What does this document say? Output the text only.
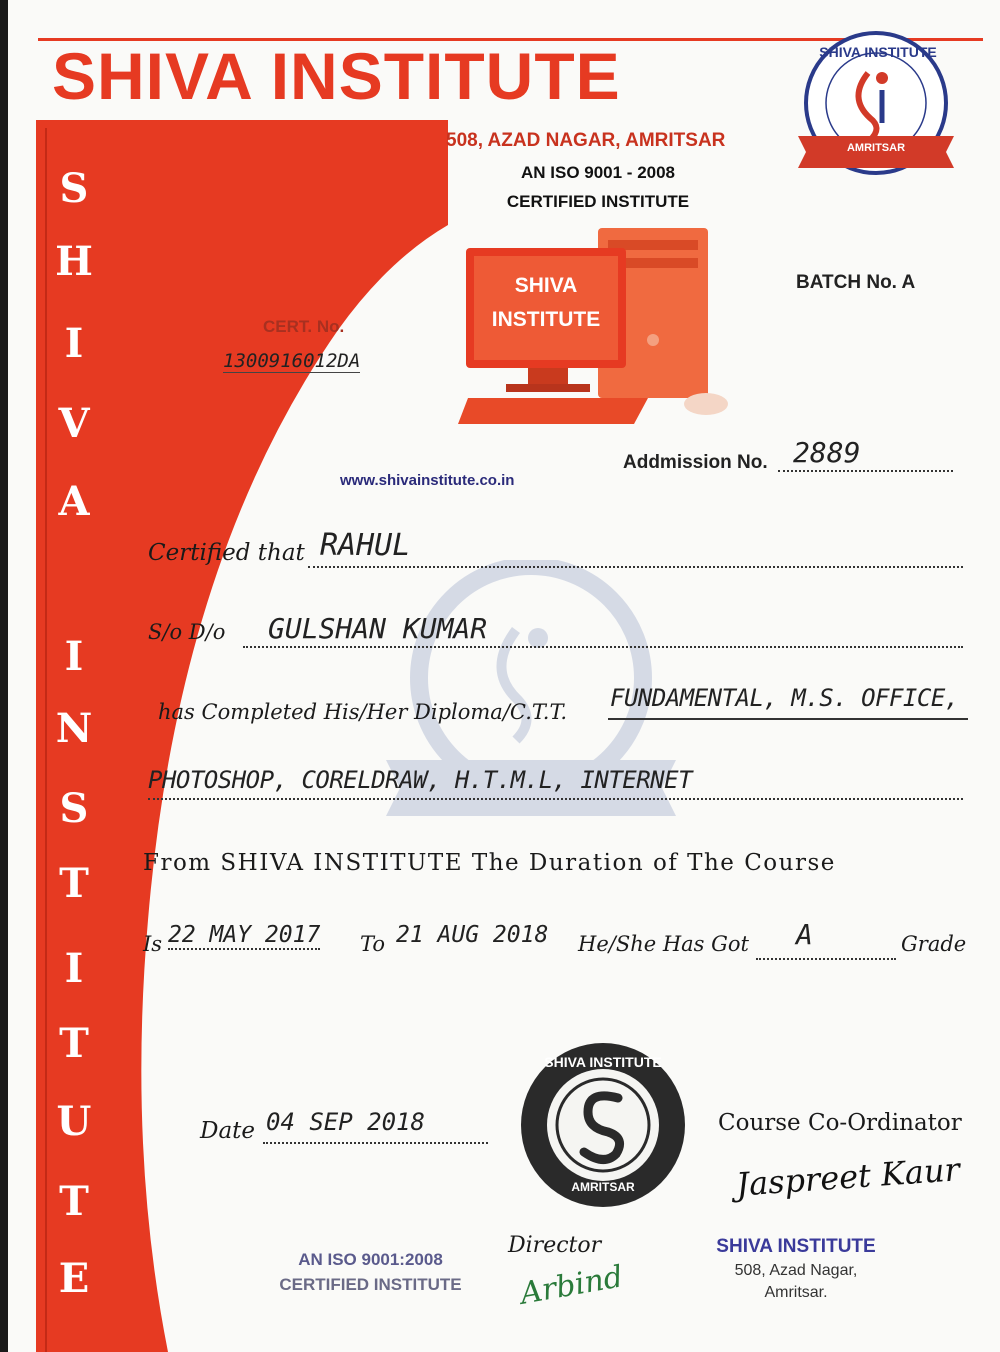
S
H
I
V
A
I
N
S
T
I
T
U
T
E
SHIVA INSTITUTE
508, AZAD NAGAR, AMRITSAR
AN ISO 9001 - 2008
CERTIFIED INSTITUTE
SHIVA INSTITUTE
AMRITSAR
SHIVA
INSTITUTE
BATCH No. A
CERT. No.
1300916012DA
www.shivainstitute.co.in
Addmission No. 2889
Certified that RAHUL
S/o D/o GULSHAN KUMAR
has Completed His/Her Diploma/C.T.T. FUNDAMENTAL, M.S. OFFICE,
PHOTOSHOP, CORELDRAW, H.T.M.L, INTERNET
From SHIVA INSTITUTE The Duration of The Course
Is 22 MAY 2017 To 21 AUG 2018 He/She Has Got A	Grade
Date 04 SEP 2018
SHIVA INSTITUTE
AMRITSAR
Course Co-Ordinator
Jaspreet Kaur
Director
Arbind
AN ISO 9001:2008
CERTIFIED INSTITUTE
SHIVA INSTITUTE
508, Azad Nagar,
Amritsar.
